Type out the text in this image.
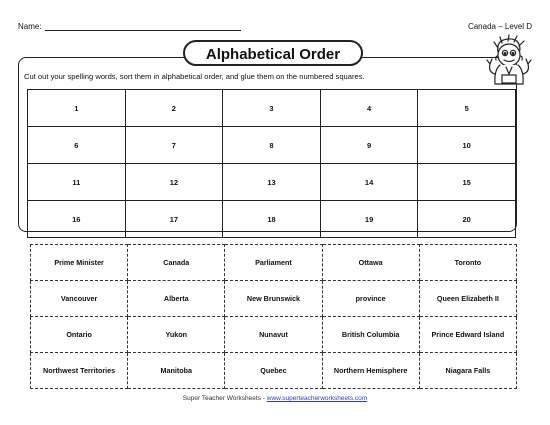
Name:	Canada – Level D
Alphabetical Order
Cut out your spelling words, sort them in alphabetical order, and glue them on the numbered squares.
1	2	3	4	5
6	7	8	9	10
11	12	13	14	15
16	17	18	19	20
Prime Minister	Canada	Parliament	Ottawa	Toronto
Vancouver	Alberta	New Brunswick	province	Queen Elizabeth II
Ontario	Yukon	Nunavut	British Columbia	Prince Edward Island
Northwest Territories	Manitoba	Quebec	Northern Hemisphere	Niagara Falls
Super Teacher Worksheets - www.superteacherworksheets.com
